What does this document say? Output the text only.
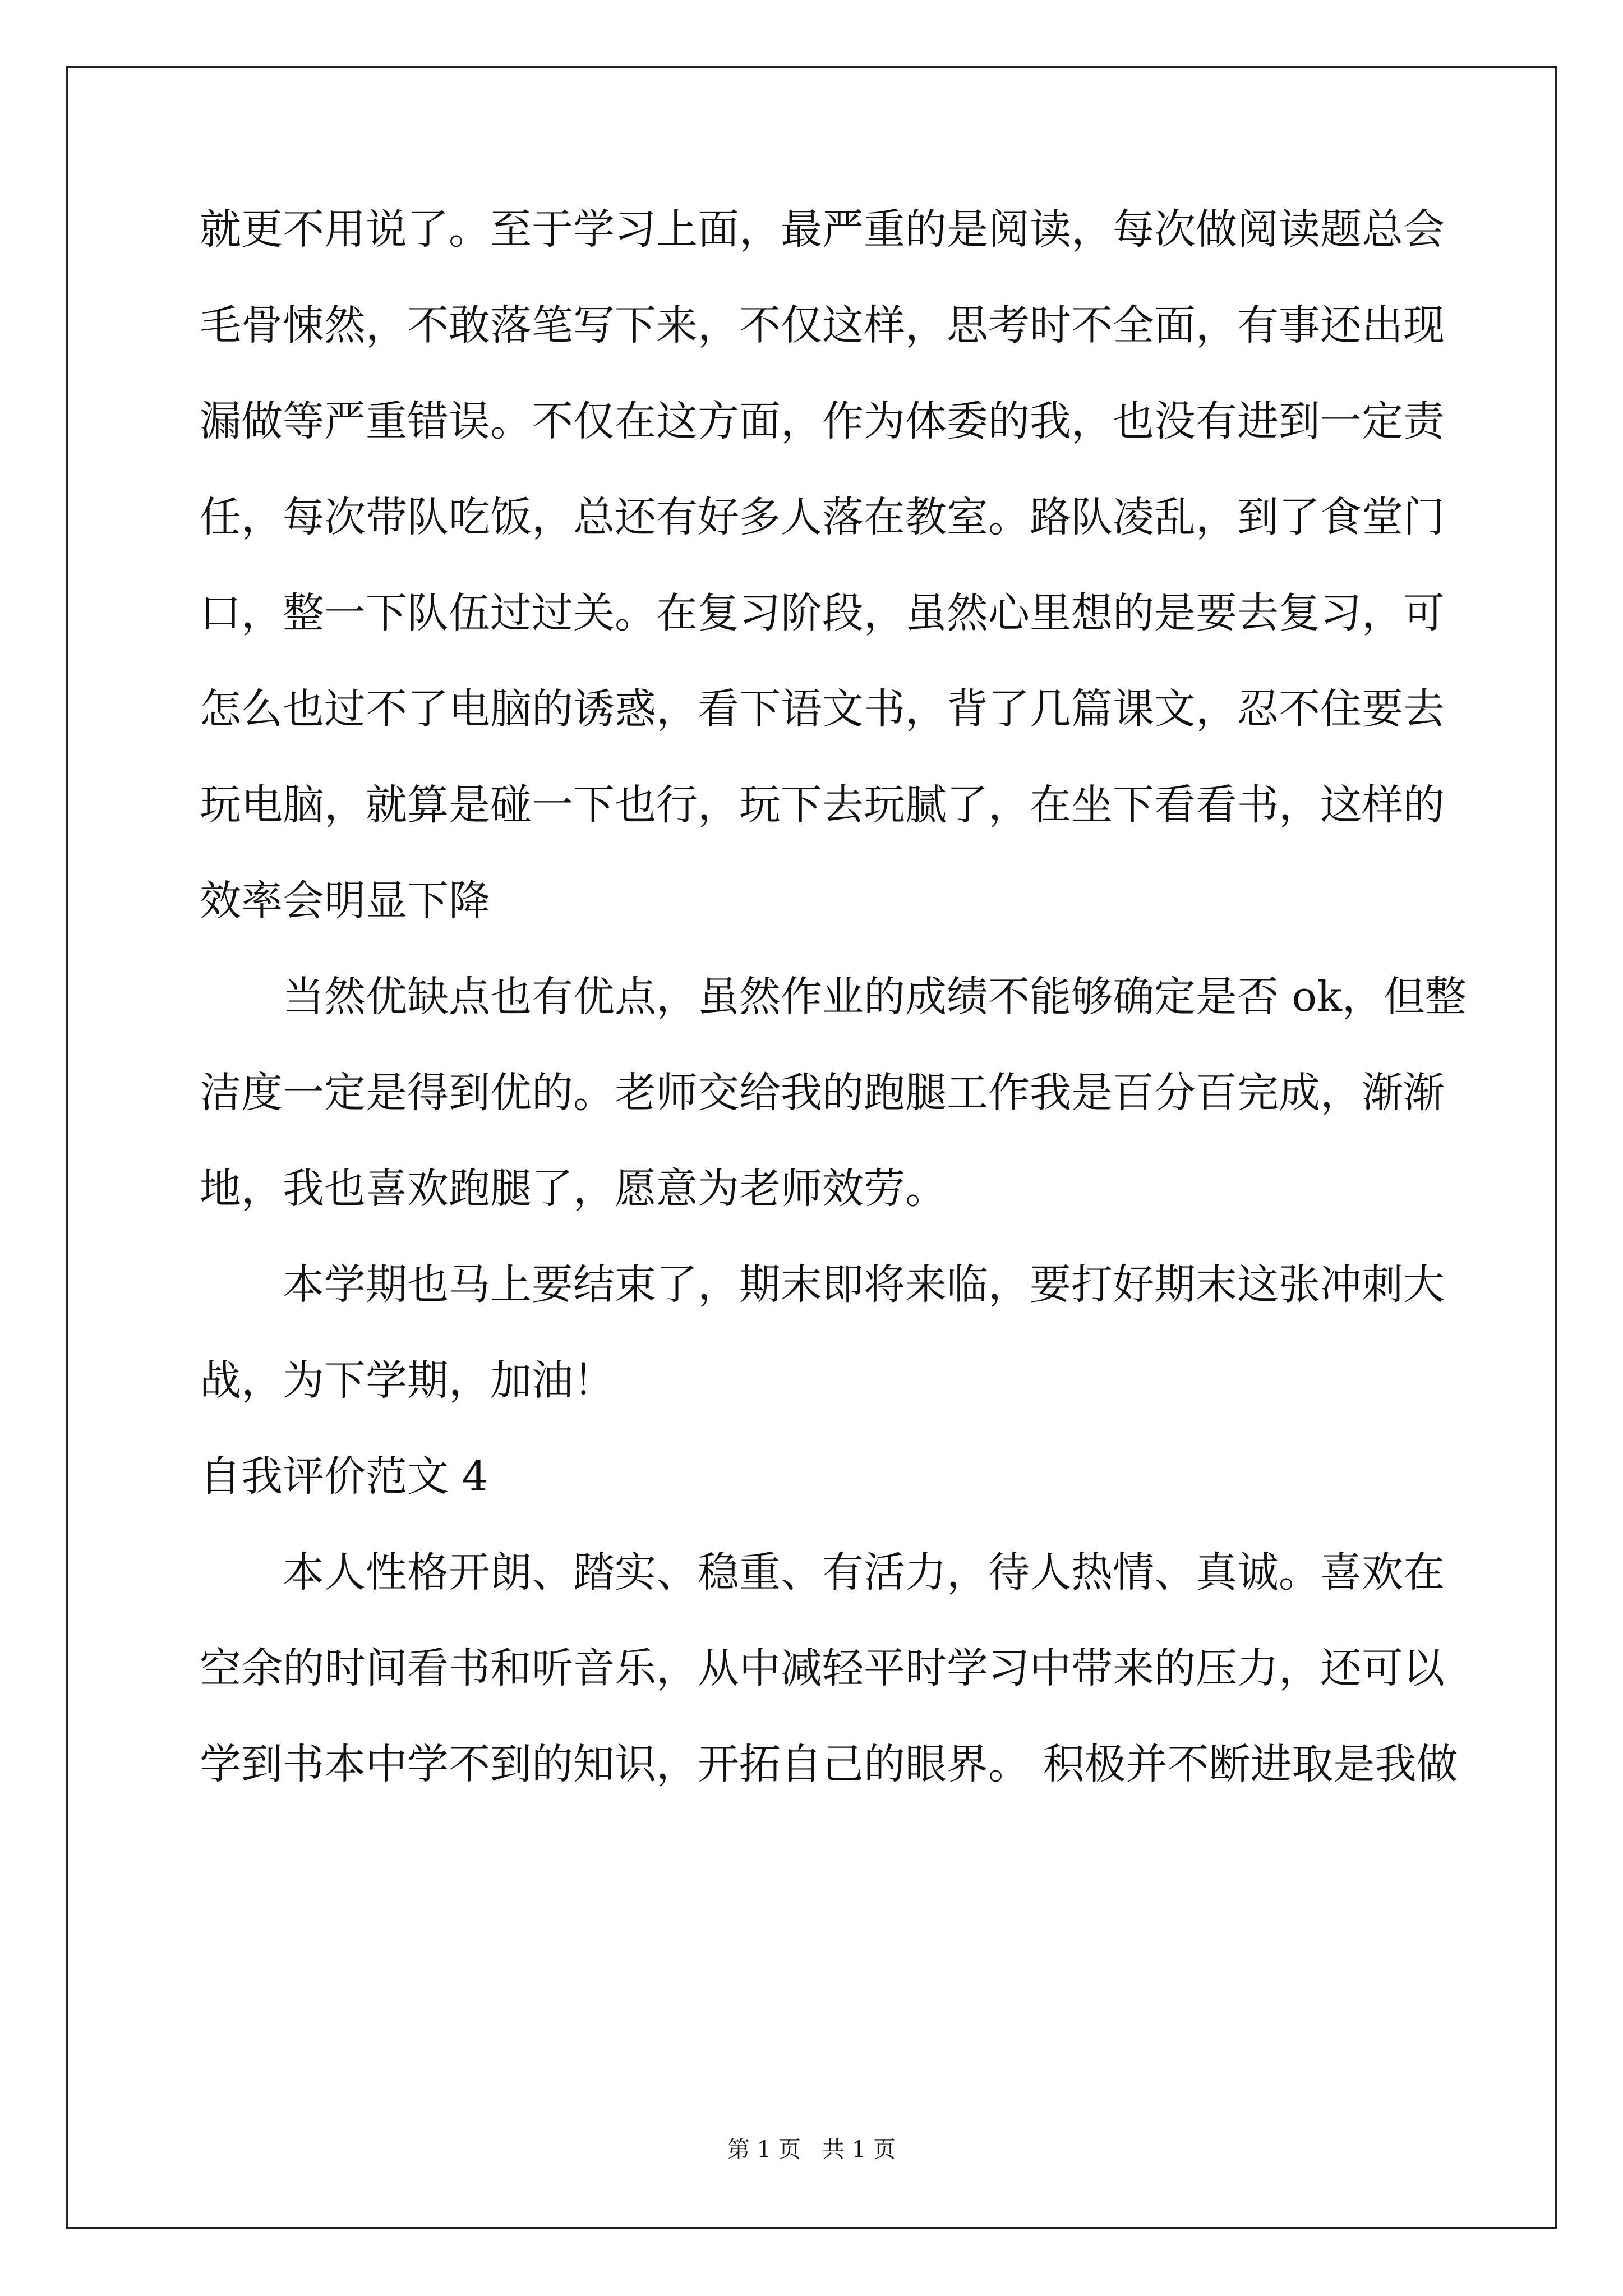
就更不用说了。至于学习上面，最严重的是阅读，每次做阅读题总会
毛骨悚然，不敢落笔写下来，不仅这样，思考时不全面，有事还出现
漏做等严重错误。不仅在这方面，作为体委的我，也没有进到一定责
任，每次带队吃饭，总还有好多人落在教室。路队凌乱，到了食堂门
口，整一下队伍过过关。在复习阶段，虽然心里想的是要去复习，可
怎么也过不了电脑的诱惑，看下语文书，背了几篇课文，忍不住要去
玩电脑，就算是碰一下也行，玩下去玩腻了，在坐下看看书，这样的
效率会明显下降
当然优缺点也有优点，虽然作业的成绩不能够确定是否 ok，但整
洁度一定是得到优的。老师交给我的跑腿工作我是百分百完成，渐渐
地，我也喜欢跑腿了，愿意为老师效劳。
本学期也马上要结束了，期末即将来临，要打好期末这张冲刺大
战，为下学期，加油！
自我评价范文 4
本人性格开朗、踏实、稳重、有活力，待人热情、真诚。喜欢在
空余的时间看书和听音乐，从中减轻平时学习中带来的压力，还可以
学到书本中学不到的知识，开拓自己的眼界。 积极并不断进取是我做
第 1 页   共 1 页
